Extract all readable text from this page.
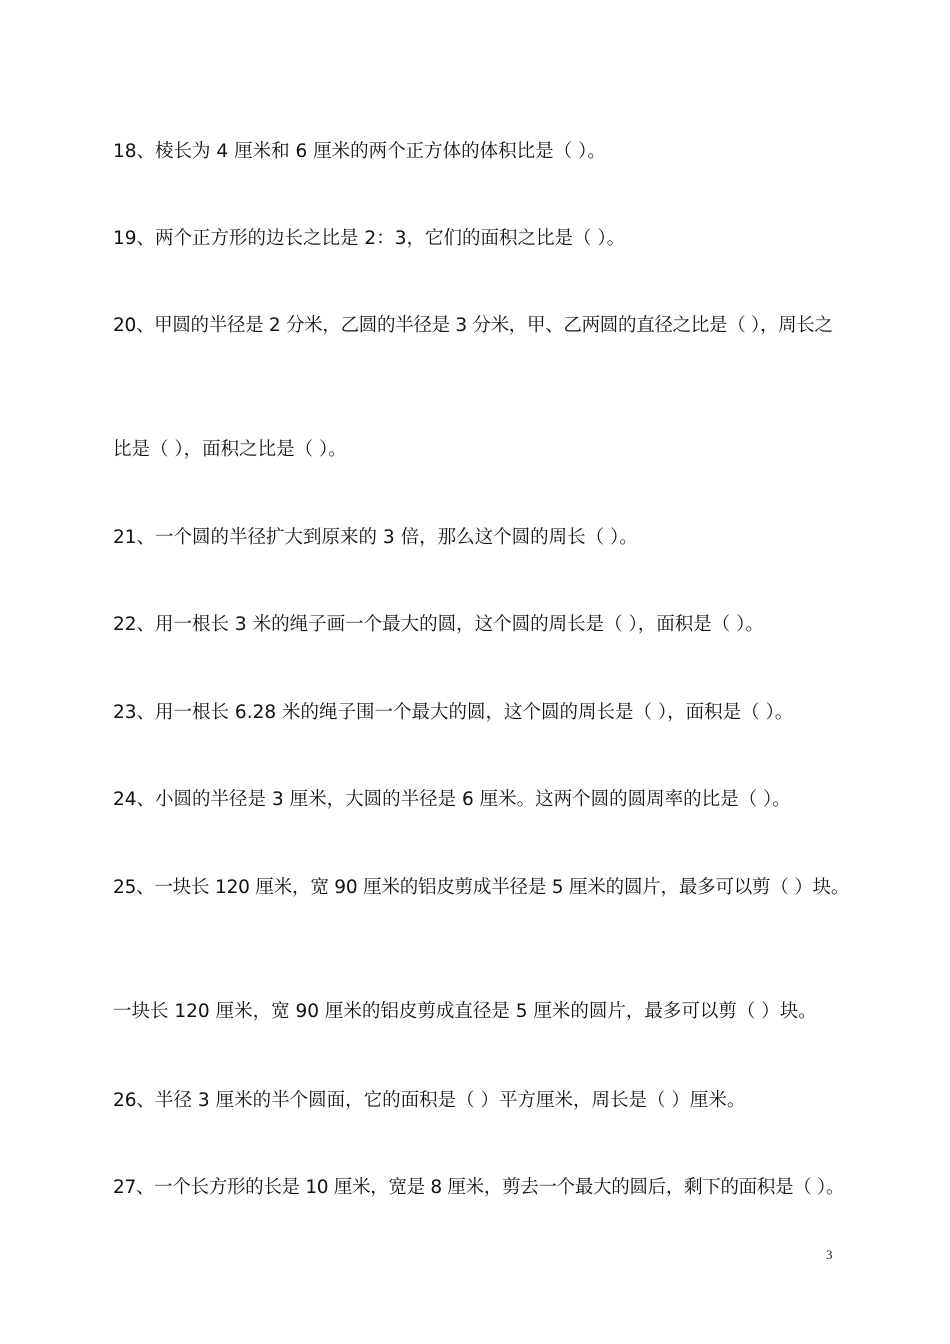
18、棱长为 4 厘米和 6 厘米的两个正方体的体积比是（ ）。
19、两个正方形的边长之比是 2：3，它们的面积之比是（ ）。
20、甲圆的半径是 2 分米，乙圆的半径是 3 分米，甲、乙两圆的直径之比是（ ），周长之
比是（ ），面积之比是（ ）。
21、一个圆的半径扩大到原来的 3 倍，那么这个圆的周长（ ）。
22、用一根长 3 米的绳子画一个最大的圆，这个圆的周长是（ ），面积是（ ）。
23、用一根长 6.28 米的绳子围一个最大的圆，这个圆的周长是（ ），面积是（ ）。
24、小圆的半径是 3 厘米，大圆的半径是 6 厘米。这两个圆的圆周率的比是（ ）。
25、一块长 120 厘米，宽 90 厘米的铝皮剪成半径是 5 厘米的圆片，最多可以剪（ ）块。
一块长 120 厘米，宽 90 厘米的铝皮剪成直径是 5 厘米的圆片，最多可以剪（ ）块。
26、半径 3 厘米的半个圆面，它的面积是（ ）平方厘米，周长是（ ）厘米。
27、一个长方形的长是 10 厘米，宽是 8 厘米，剪去一个最大的圆后，剩下的面积是（ ）。
3
